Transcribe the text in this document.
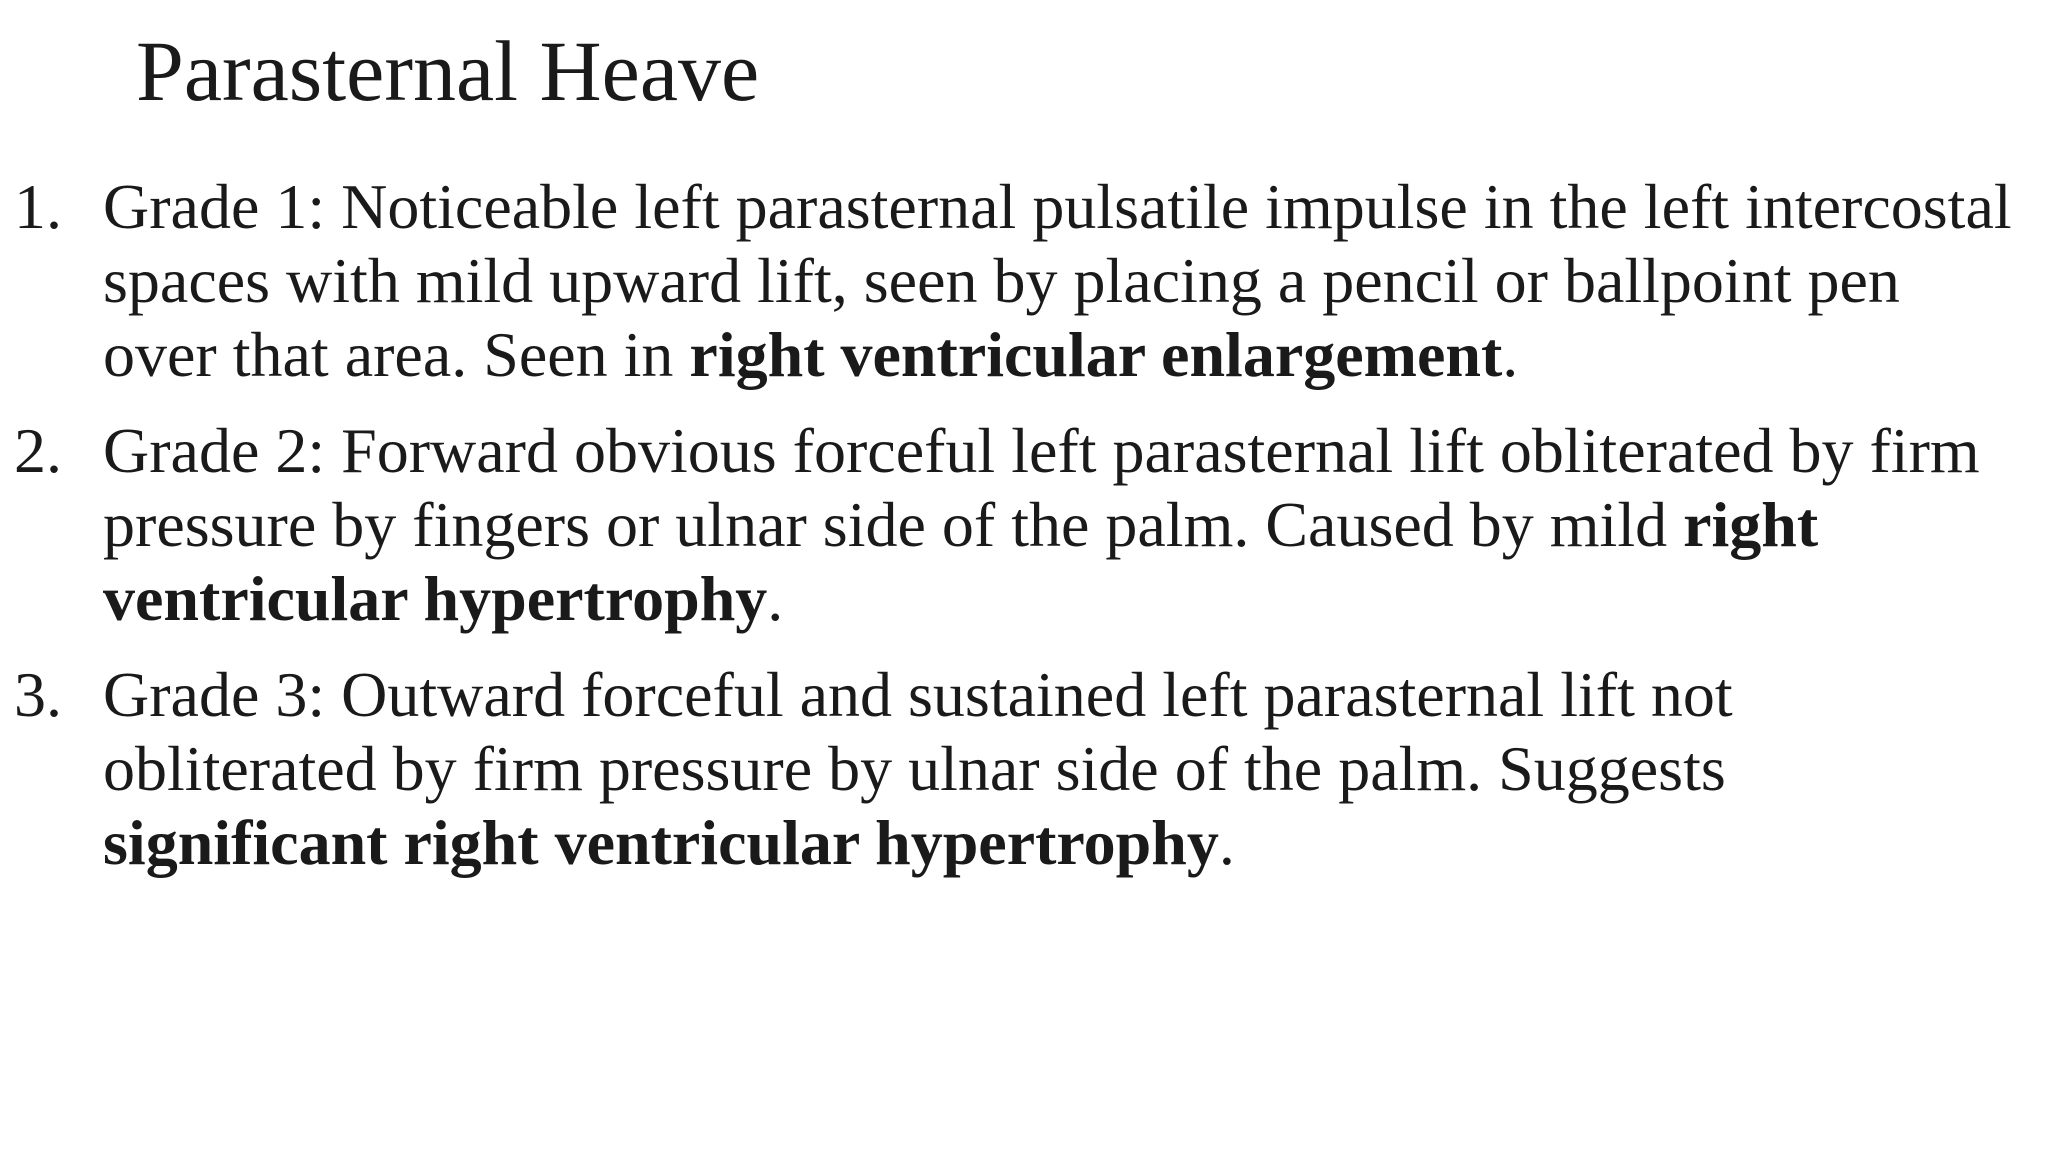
Parasternal Heave
1. Grade 1: Noticeable left parasternal pulsatile impulse in the left intercostal spaces with mild upward lift, seen by placing a pencil or ballpoint pen over that area. Seen in right ventricular enlargement.
2. Grade 2: Forward obvious forceful left parasternal lift obliterated by firm pressure by fingers or ulnar side of the palm. Caused by mild right ventricular hypertrophy.
3. Grade 3: Outward forceful and sustained left parasternal lift not obliterated by firm pressure by ulnar side of the palm. Suggests significant right ventricular hypertrophy.
